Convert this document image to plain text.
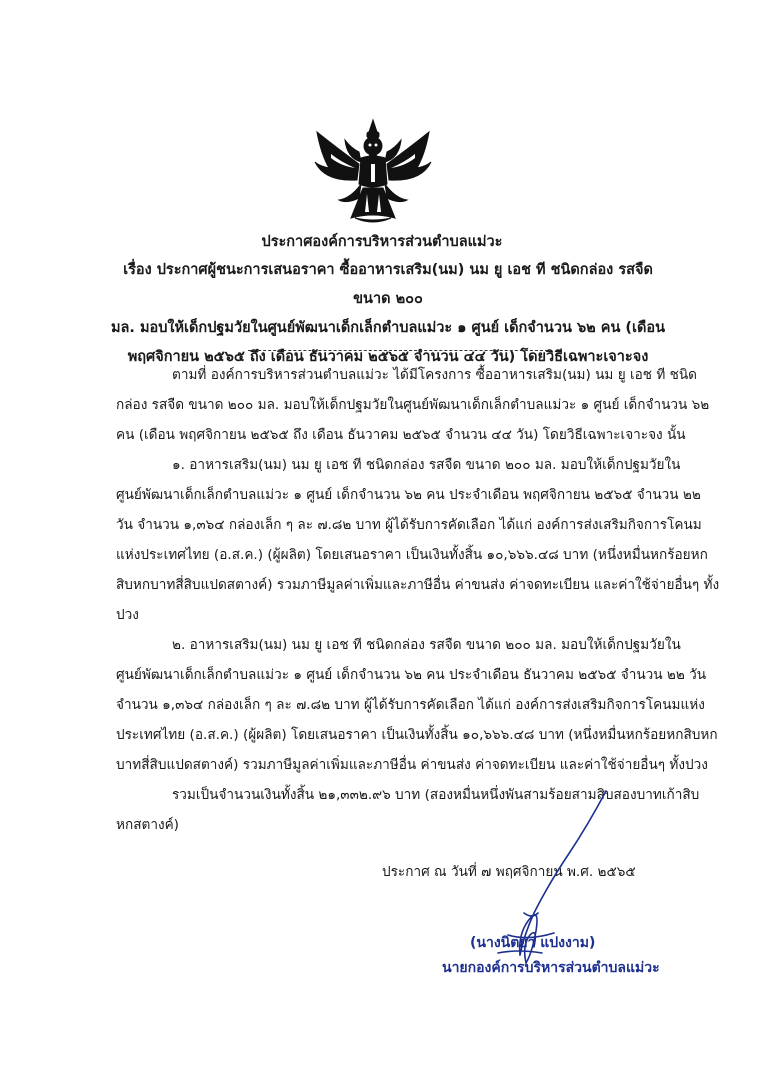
ประกาศองค์การบริหารส่วนตำบลแม่วะ
เรื่อง ประกาศผู้ชนะการเสนอราคา ซื้ออาหารเสริม(นม) นม ยู เอช ที ชนิดกล่อง รสจืด ขนาด ๒๐๐
มล. มอบให้เด็กปฐมวัยในศูนย์พัฒนาเด็กเล็กตำบลแม่วะ ๑ ศูนย์ เด็กจำนวน ๖๒ คน (เดือน
พฤศจิกายน ๒๕๖๕ ถึง เดือน ธันวาคม ๒๕๖๕ จำนวน ๔๔ วัน) โดยวิธีเฉพาะเจาะจง
ตามที่ องค์การบริหารส่วนตำบลแม่วะ ได้มีโครงการ ซื้ออาหารเสริม(นม) นม ยู เอช ที ชนิด
กล่อง รสจืด ขนาด ๒๐๐ มล. มอบให้เด็กปฐมวัยในศูนย์พัฒนาเด็กเล็กตำบลแม่วะ ๑ ศูนย์ เด็กจำนวน ๖๒
คน (เดือน พฤศจิกายน ๒๕๖๕ ถึง เดือน ธันวาคม ๒๕๖๕ จำนวน ๔๔ วัน) โดยวิธีเฉพาะเจาะจง นั้น
๑. อาหารเสริม(นม) นม ยู เอช ที ชนิดกล่อง รสจืด ขนาด ๒๐๐ มล. มอบให้เด็กปฐมวัยใน
ศูนย์พัฒนาเด็กเล็กตำบลแม่วะ ๑ ศูนย์ เด็กจำนวน ๖๒ คน ประจำเดือน พฤศจิกายน ๒๕๖๕ จำนวน ๒๒
วัน จำนวน ๑,๓๖๔ กล่องเล็ก ๆ ละ ๗.๘๒ บาท ผู้ได้รับการคัดเลือก ได้แก่ องค์การส่งเสริมกิจการโคนม
แห่งประเทศไทย (อ.ส.ค.) (ผู้ผลิต) โดยเสนอราคา เป็นเงินทั้งสิ้น ๑๐,๖๖๖.๔๘ บาท (หนึ่งหมื่นหกร้อยหก
สิบหกบาทสี่สิบแปดสตางค์) รวมภาษีมูลค่าเพิ่มและภาษีอื่น ค่าขนส่ง ค่าจดทะเบียน และค่าใช้จ่ายอื่นๆ ทั้ง
ปวง
๒. อาหารเสริม(นม) นม ยู เอช ที ชนิดกล่อง รสจืด ขนาด ๒๐๐ มล. มอบให้เด็กปฐมวัยใน
ศูนย์พัฒนาเด็กเล็กตำบลแม่วะ ๑ ศูนย์ เด็กจำนวน ๖๒ คน ประจำเดือน ธันวาคม ๒๕๖๕ จำนวน ๒๒ วัน
จำนวน ๑,๓๖๔ กล่องเล็ก ๆ ละ ๗.๘๒ บาท ผู้ได้รับการคัดเลือก ได้แก่ องค์การส่งเสริมกิจการโคนมแห่ง
ประเทศไทย (อ.ส.ค.) (ผู้ผลิต) โดยเสนอราคา เป็นเงินทั้งสิ้น ๑๐,๖๖๖.๔๘ บาท (หนึ่งหมื่นหกร้อยหกสิบหก
บาทสี่สิบแปดสตางค์) รวมภาษีมูลค่าเพิ่มและภาษีอื่น ค่าขนส่ง ค่าจดทะเบียน และค่าใช้จ่ายอื่นๆ ทั้งปวง
รวมเป็นจำนวนเงินทั้งสิ้น ๒๑,๓๓๒.๙๖ บาท (สองหมื่นหนึ่งพันสามร้อยสามสิบสองบาทเก้าสิบ
หกสตางค์)
ประกาศ ณ วันที่ ๗ พฤศจิกายน พ.ศ. ๒๕๖๕
(นางนิตยา แปงงาม)
นายกองค์การบริหารส่วนตำบลแม่วะ
